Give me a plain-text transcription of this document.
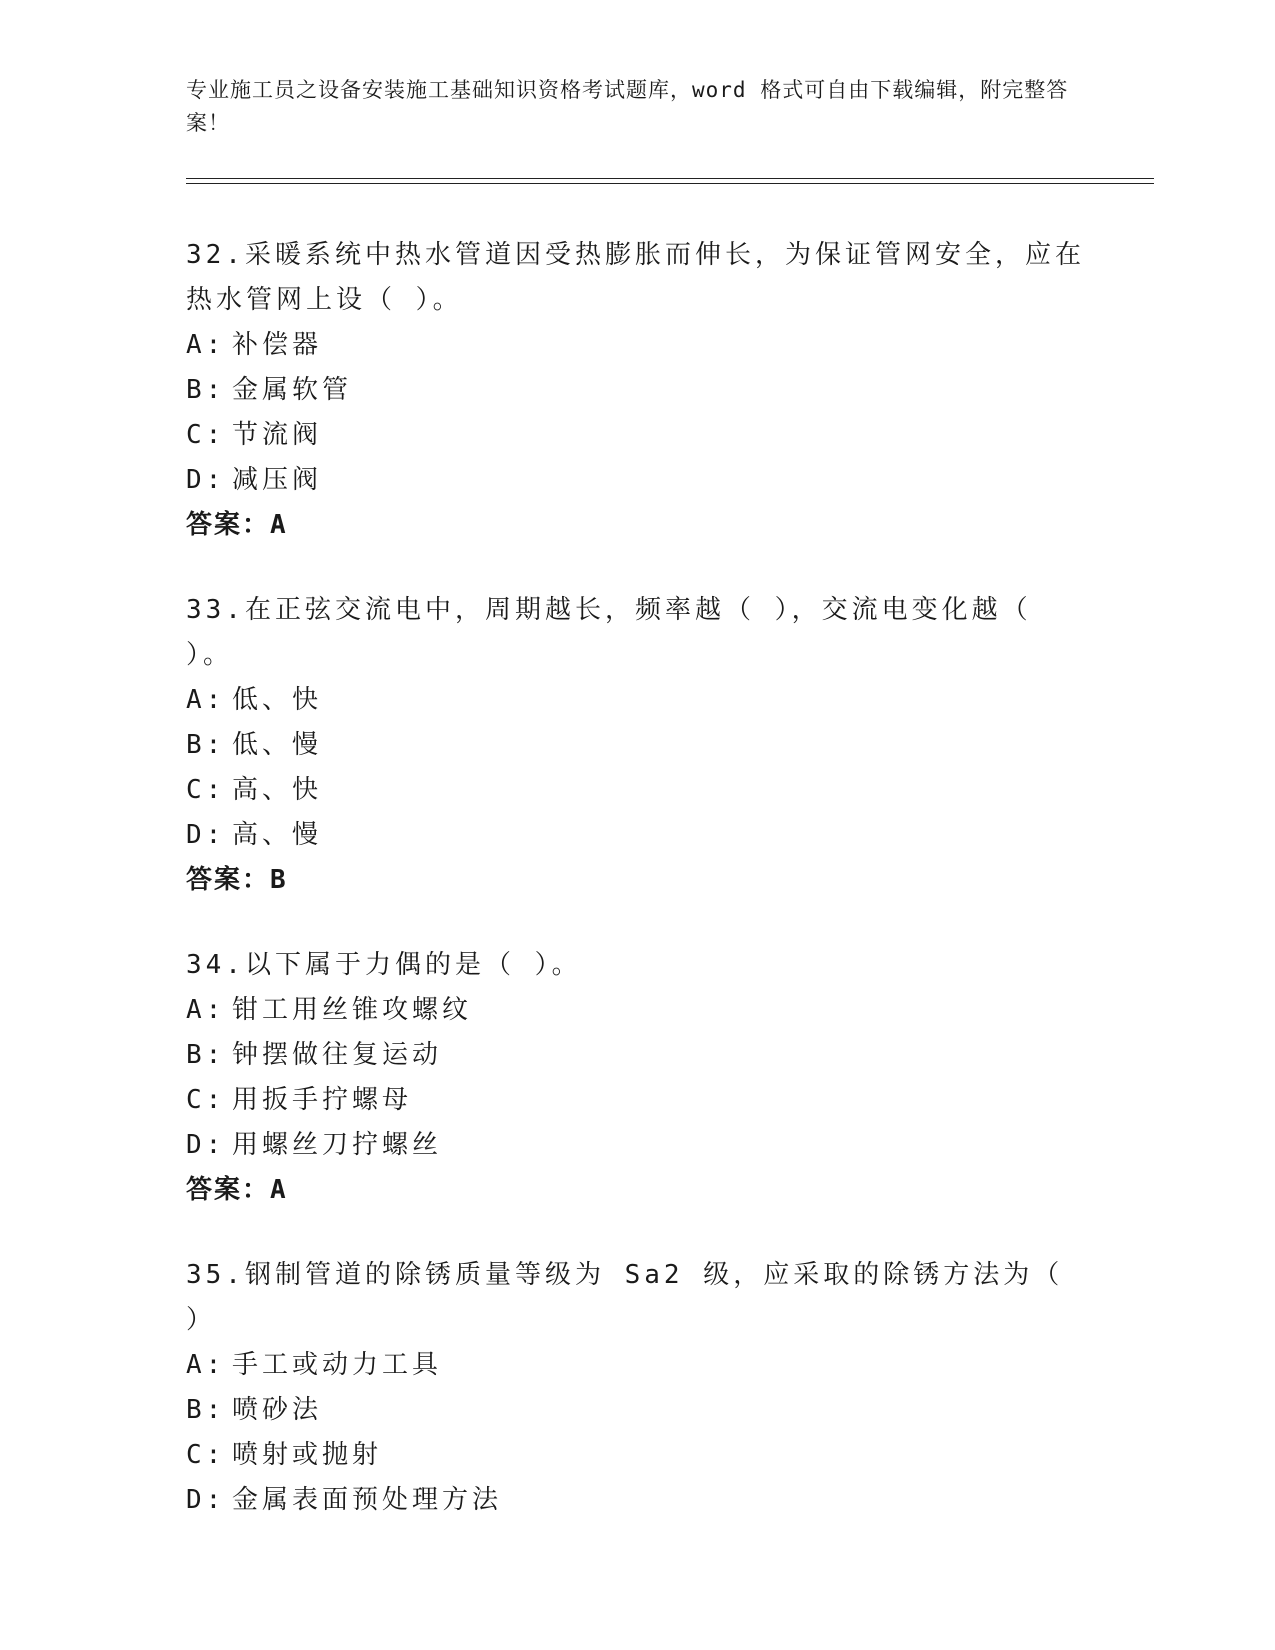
专业施工员之设备安装施工基础知识资格考试题库，word 格式可自由下载编辑，附完整答案！
32.采暖系统中热水管道因受热膨胀而伸长，为保证管网安全，应在热水管网上设（ ）。
A: 补偿器
B: 金属软管
C: 节流阀
D: 减压阀
答案：A
33.在正弦交流电中，周期越长，频率越（ ），交流电变化越（ ）。
A: 低、快
B: 低、慢
C: 高、快
D: 高、慢
答案：B
34.以下属于力偶的是（ ）。
A: 钳工用丝锥攻螺纹
B: 钟摆做往复运动
C: 用扳手拧螺母
D: 用螺丝刀拧螺丝
答案：A
35.钢制管道的除锈质量等级为 Sa2 级，应采取的除锈方法为（ ）
A: 手工或动力工具
B: 喷砂法
C: 喷射或抛射
D: 金属表面预处理方法
